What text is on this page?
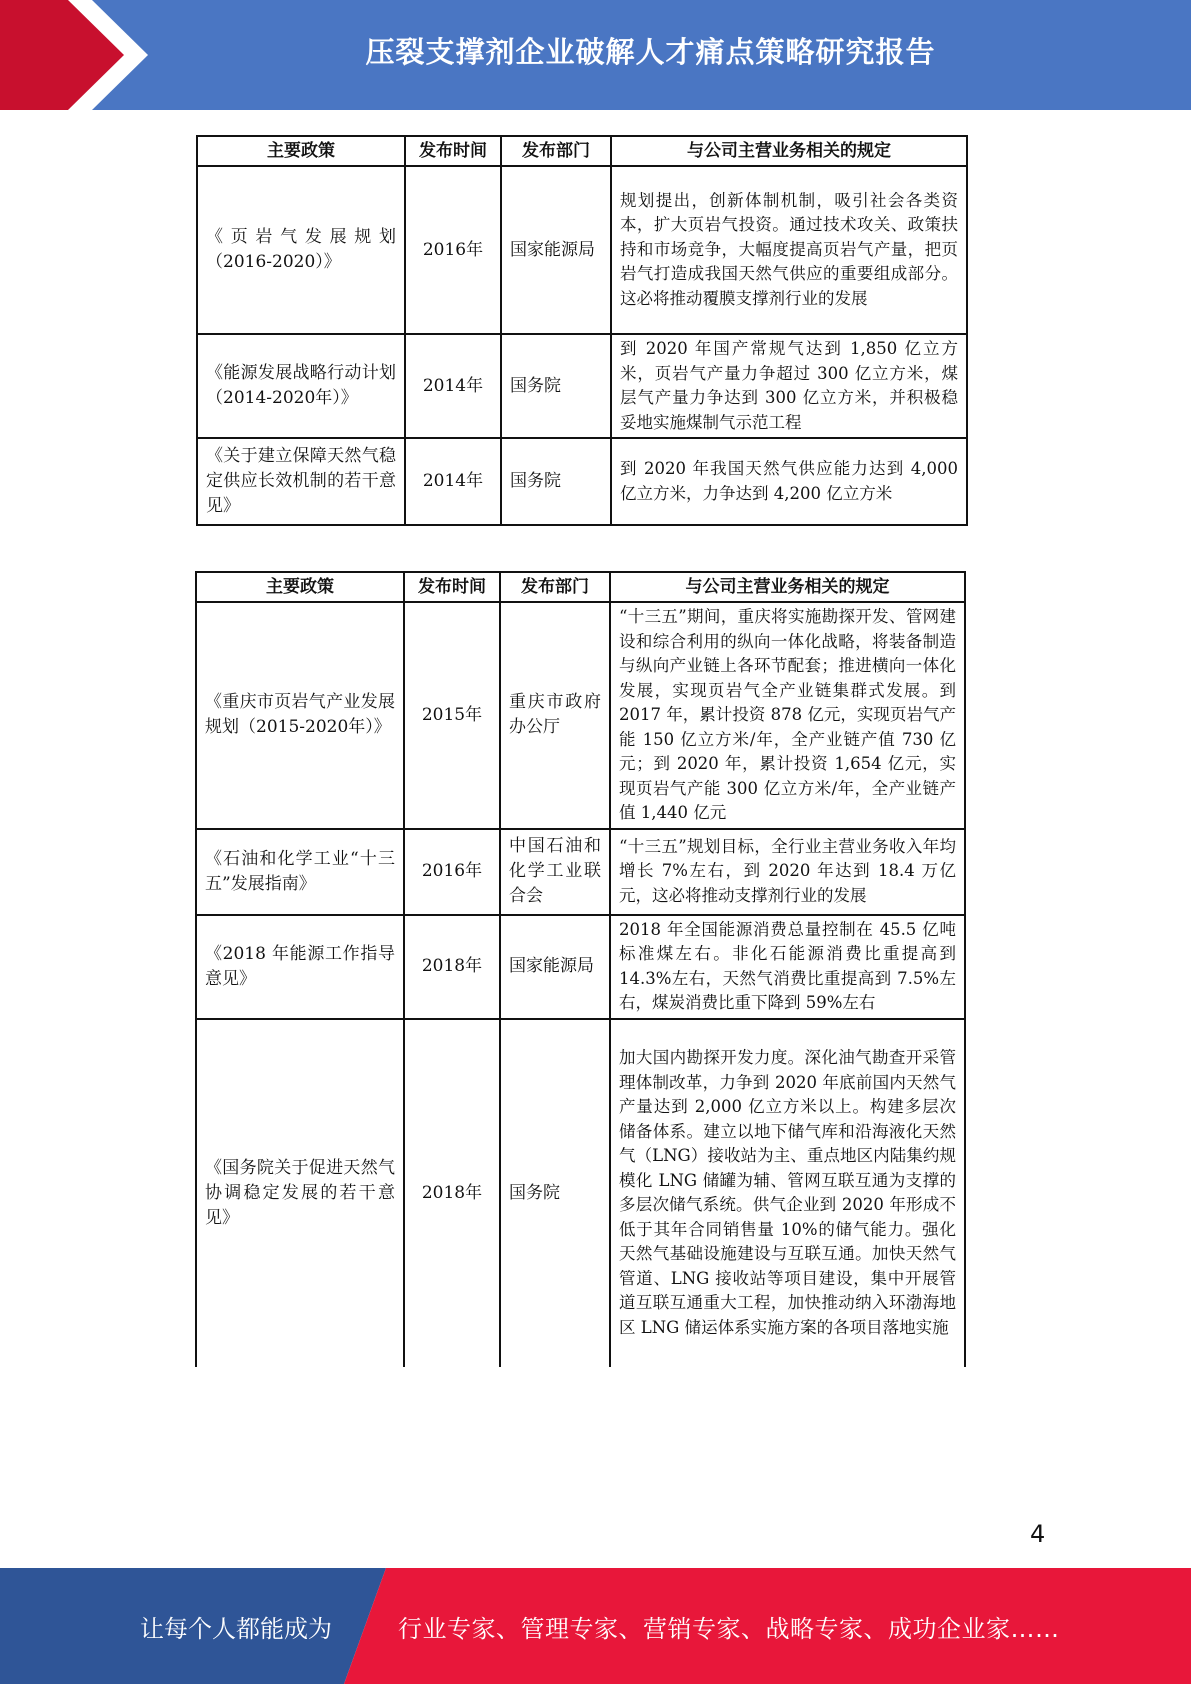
压裂支撑剂企业破解人才痛点策略研究报告
主要政策	发布时间	发布部门	与公司主营业务相关的规定
《页岩气发展规划（2016-2020）》	2016年	国家能源局	规划提出，创新体制机制，吸引社会各类资本，扩大页岩气投资。通过技术攻关、政策扶持和市场竞争，大幅度提高页岩气产量，把页岩气打造成我国天然气供应的重要组成部分。这必将推动覆膜支撑剂行业的发展
《能源发展战略行动计划（2014-2020年）》	2014年	国务院	到 2020 年国产常规气达到 1,850 亿立方米，页岩气产量力争超过 300 亿立方米，煤层气产量力争达到 300 亿立方米，并积极稳妥地实施煤制气示范工程
《关于建立保障天然气稳定供应长效机制的若干意见》	2014年	国务院	到 2020 年我国天然气供应能力达到 4,000 亿立方米，力争达到 4,200 亿立方米
主要政策	发布时间	发布部门	与公司主营业务相关的规定
《重庆市页岩气产业发展规划（2015-2020年）》	2015年	重庆市政府办公厅	“十三五”期间，重庆将实施勘探开发、管网建设和综合利用的纵向一体化战略，将装备制造与纵向产业链上各环节配套；推进横向一体化发展，实现页岩气全产业链集群式发展。到 2017 年，累计投资 878 亿元，实现页岩气产能 150 亿立方米/年，全产业链产值 730 亿元；到 2020 年，累计投资 1,654 亿元，实现页岩气产能 300 亿立方米/年，全产业链产值 1,440 亿元
《石油和化学工业“十三五”发展指南》	2016年	中国石油和化学工业联合会	“十三五”规划目标，全行业主营业务收入年均增长 7%左右，到 2020 年达到 18.4 万亿元，这必将推动支撑剂行业的发展
《2018 年能源工作指导意见》	2018年	国家能源局	2018 年全国能源消费总量控制在 45.5 亿吨标准煤左右。非化石能源消费比重提高到 14.3%左右，天然气消费比重提高到 7.5%左右，煤炭消费比重下降到 59%左右
《国务院关于促进天然气协调稳定发展的若干意见》	2018年	国务院	加大国内勘探开发力度。深化油气勘查开采管理体制改革，力争到 2020 年底前国内天然气产量达到 2,000 亿立方米以上。构建多层次储备体系。建立以地下储气库和沿海液化天然气（LNG）接收站为主、重点地区内陆集约规模化 LNG 储罐为辅、管网互联互通为支撑的多层次储气系统。供气企业到 2020 年形成不低于其年合同销售量 10%的储气能力。强化天然气基础设施建设与互联互通。加快天然气管道、LNG 接收站等项目建设，集中开展管道互联互通重大工程，加快推动纳入环渤海地区 LNG 储运体系实施方案的各项目落地实施
4
让每个人都能成为	行业专家、管理专家、营销专家、战略专家、成功企业家……
